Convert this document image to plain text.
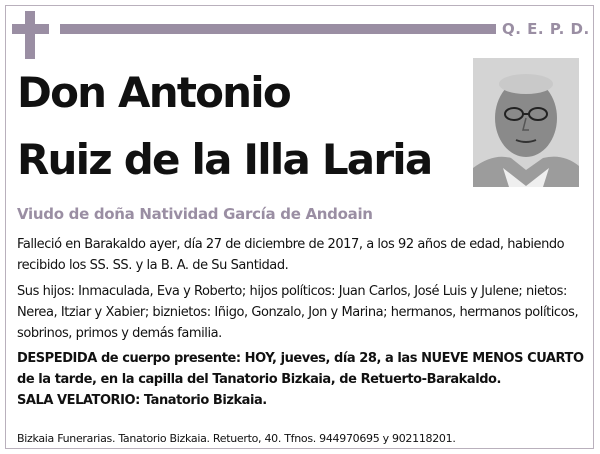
Q. E. P. D.
Don Antonio
Ruiz de la Illa Laria
Viudo de doña Natividad García de Andoain

Falleció en Barakaldo ayer, día 27 de diciembre de 2017, a los 92 años de edad, habiendo recibido los SS. SS. y la B. A. de Su Santidad.

Sus hijos: Inmaculada, Eva y Roberto; hijos políticos: Juan Carlos, José Luis y Julene; nietos: Nerea, Itziar y Xabier; biznietos: Iñigo, Gonzalo, Jon y Marina; hermanos, hermanos políticos, sobrinos, primos y demás familia.

DESPEDIDA de cuerpo presente: HOY, jueves, día 28, a las NUEVE MENOS CUARTO de la tarde, en la capilla del Tanatorio Bizkaia, de Retuerto-Barakaldo.

SALA VELATORIO: Tanatorio Bizkaia.

Bizkaia Funerarias. Tanatorio Bizkaia. Retuerto, 40. Tfnos. 944970695 y 902118201.
